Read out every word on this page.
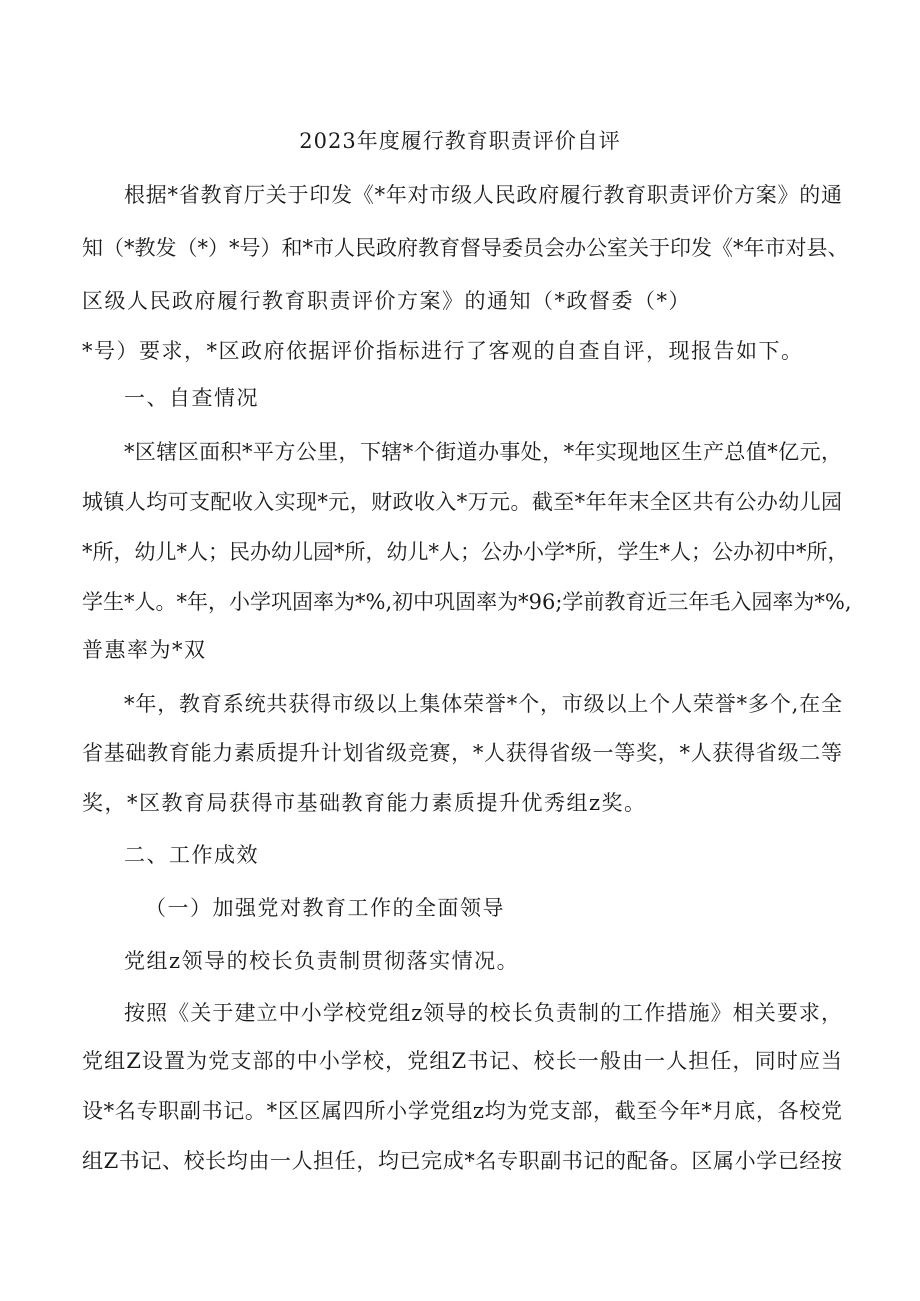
2023年度履行教育职责评价自评
根据*省教育厅关于印发《*年对市级人民政府履行教育职责评价方案》的通
知（*教发（*）*号）和*市人民政府教育督导委员会办公室关于印发《*年市对县、
区级人民政府履行教育职责评价方案》的通知（*政督委（*）
*号）要求，*区政府依据评价指标进行了客观的自查自评，现报告如下。
一、自查情况
*区辖区面积*平方公里，下辖*个街道办事处，*年实现地区生产总值*亿元，
城镇人均可支配收入实现*元，财政收入*万元。截至*年年末全区共有公办幼儿园
*所，幼儿*人；民办幼儿园*所，幼儿*人；公办小学*所，学生*人；公办初中*所，
学生*人。*年，小学巩固率为*%,初中巩固率为*96;学前教育近三年毛入园率为*%,
普惠率为*双
*年，教育系统共获得市级以上集体荣誉*个，市级以上个人荣誉*多个,在全
省基础教育能力素质提升计划省级竞赛，*人获得省级一等奖，*人获得省级二等
奖，*区教育局获得市基础教育能力素质提升优秀组z奖。
二、工作成效
（一）加强党对教育工作的全面领导
党组z领导的校长负责制贯彻落实情况。
按照《关于建立中小学校党组z领导的校长负责制的工作措施》相关要求，
党组Z设置为党支部的中小学校，党组Z书记、校长一般由一人担任，同时应当
设*名专职副书记。*区区属四所小学党组z均为党支部，截至今年*月底，各校党
组Z书记、校长均由一人担任，均已完成*名专职副书记的配备。区属小学已经按
